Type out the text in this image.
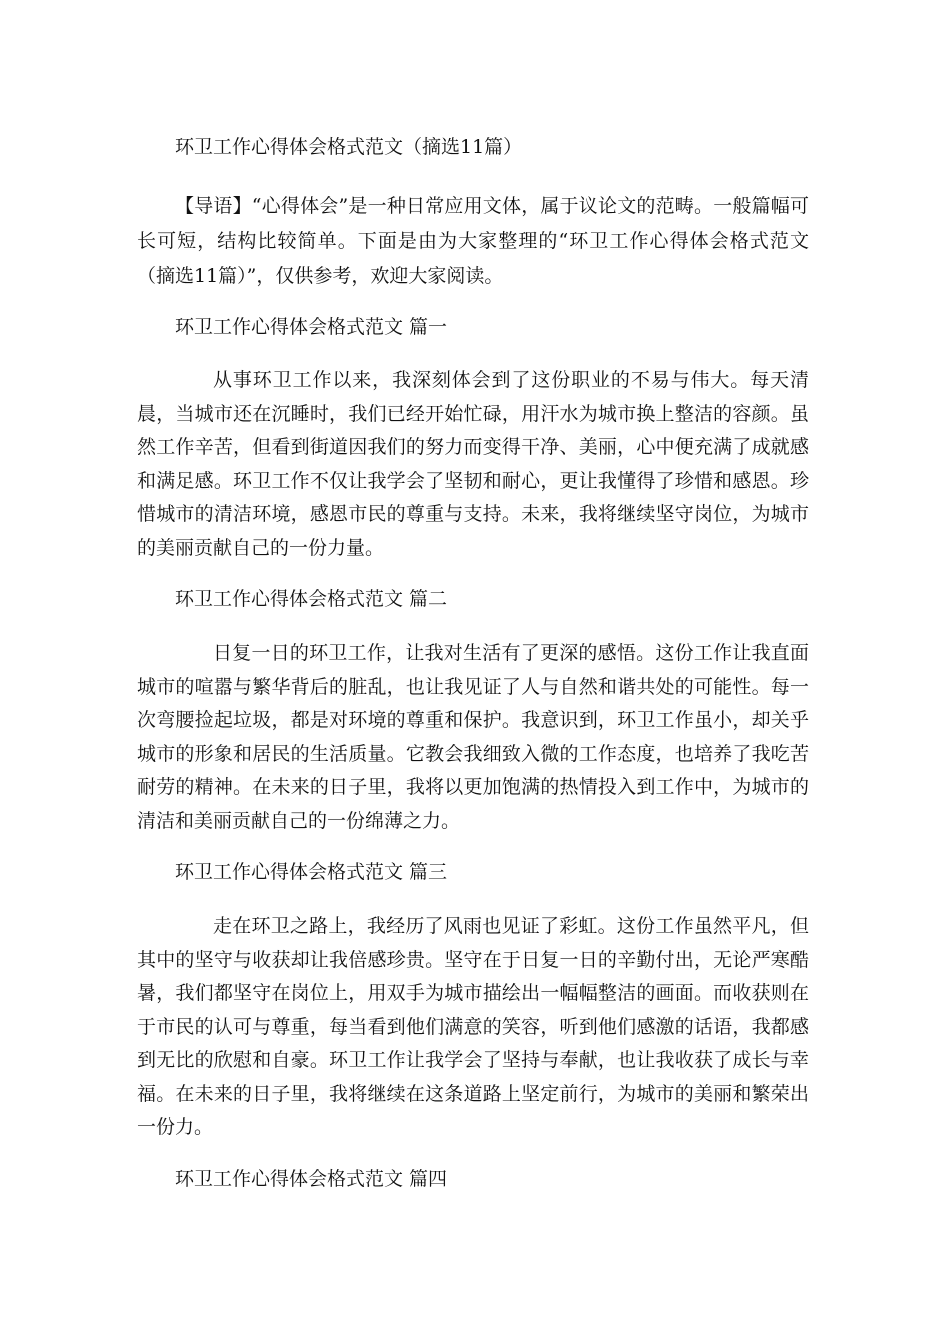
环卫工作心得体会格式范文（摘选11篇）

【导语】“心得体会”是一种日常应用文体，属于议论文的范畴。一般篇幅可长可短，结构比较简单。下面是由为大家整理的“环卫工作心得体会格式范文（摘选11篇）”，仅供参考，欢迎大家阅读。

环卫工作心得体会格式范文 篇一

从事环卫工作以来，我深刻体会到了这份职业的不易与伟大。每天清晨，当城市还在沉睡时，我们已经开始忙碌，用汗水为城市换上整洁的容颜。虽然工作辛苦，但看到街道因我们的努力而变得干净、美丽，心中便充满了成就感和满足感。环卫工作不仅让我学会了坚韧和耐心，更让我懂得了珍惜和感恩。珍惜城市的清洁环境，感恩市民的尊重与支持。未来，我将继续坚守岗位，为城市的美丽贡献自己的一份力量。

环卫工作心得体会格式范文 篇二

日复一日的环卫工作，让我对生活有了更深的感悟。这份工作让我直面城市的喧嚣与繁华背后的脏乱，也让我见证了人与自然和谐共处的可能性。每一次弯腰捡起垃圾，都是对环境的尊重和保护。我意识到，环卫工作虽小，却关乎城市的形象和居民的生活质量。它教会我细致入微的工作态度，也培养了我吃苦耐劳的精神。在未来的日子里，我将以更加饱满的热情投入到工作中，为城市的清洁和美丽贡献自己的一份绵薄之力。

环卫工作心得体会格式范文 篇三

走在环卫之路上，我经历了风雨也见证了彩虹。这份工作虽然平凡，但其中的坚守与收获却让我倍感珍贵。坚守在于日复一日的辛勤付出，无论严寒酷暑，我们都坚守在岗位上，用双手为城市描绘出一幅幅整洁的画面。而收获则在于市民的认可与尊重，每当看到他们满意的笑容，听到他们感激的话语，我都感到无比的欣慰和自豪。环卫工作让我学会了坚持与奉献，也让我收获了成长与幸福。在未来的日子里，我将继续在这条道路上坚定前行，为城市的美丽和繁荣出一份力。

环卫工作心得体会格式范文 篇四
